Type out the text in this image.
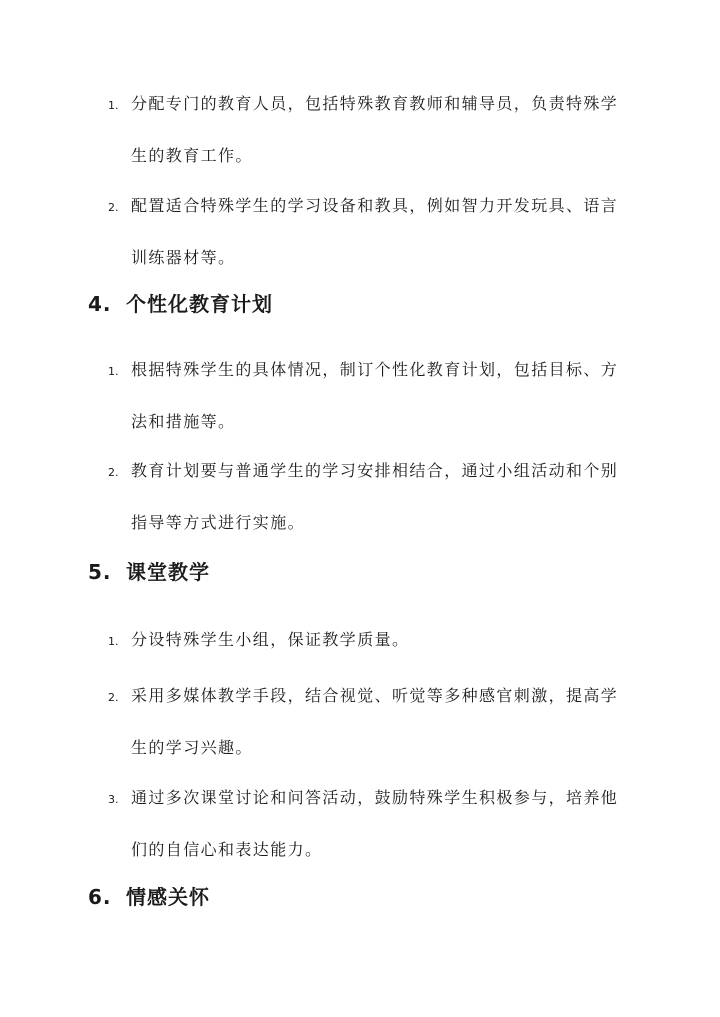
1. 分配专门的教育人员，包括特殊教育教师和辅导员，负责特殊学生的教育工作。
2. 配置适合特殊学生的学习设备和教具，例如智力开发玩具、语言训练器材等。
4. 个性化教育计划
1. 根据特殊学生的具体情况，制订个性化教育计划，包括目标、方法和措施等。
2. 教育计划要与普通学生的学习安排相结合，通过小组活动和个别指导等方式进行实施。
5. 课堂教学
1. 分设特殊学生小组，保证教学质量。
2. 采用多媒体教学手段，结合视觉、听觉等多种感官刺激，提高学生的学习兴趣。
3. 通过多次课堂讨论和问答活动，鼓励特殊学生积极参与，培养他们的自信心和表达能力。
6. 情感关怀
